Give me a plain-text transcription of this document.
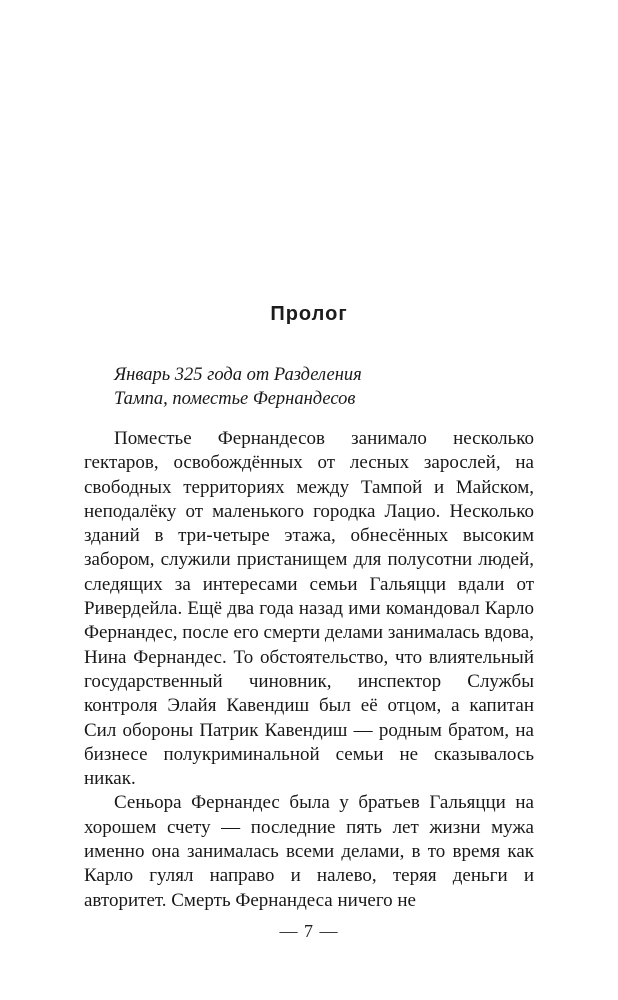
Пролог
Январь 325 года от Разделения
Тампа, поместье Фернандесов

Поместье Фернандесов занимало несколько гектаров, освобождённых от лесных зарослей, на свободных территориях между Тампой и Майском, неподалёку от маленького городка Лацио. Несколько зданий в три-четыре этажа, обнесённых высоким забором, служили пристанищем для полусотни людей, следящих за интересами семьи Гальяцци вдали от Ривердейла. Ещё два года назад ими командовал Карло Фернандес, после его смерти делами занималась вдова, Нина Фернандес. То обстоятельство, что влиятельный государственный чиновник, инспектор Службы контроля Элайя Кавендиш был её отцом, а капитан Сил обороны Патрик Кавендиш — родным братом, на бизнесе полукриминальной семьи не сказывалось никак.

Сеньора Фернандес была у братьев Гальяцци на хорошем счету — последние пять лет жизни мужа именно она занималась всеми делами, в то время как Карло гулял направо и налево, теряя деньги и авторитет. Смерть Фернандеса ничего не

— 7 —
